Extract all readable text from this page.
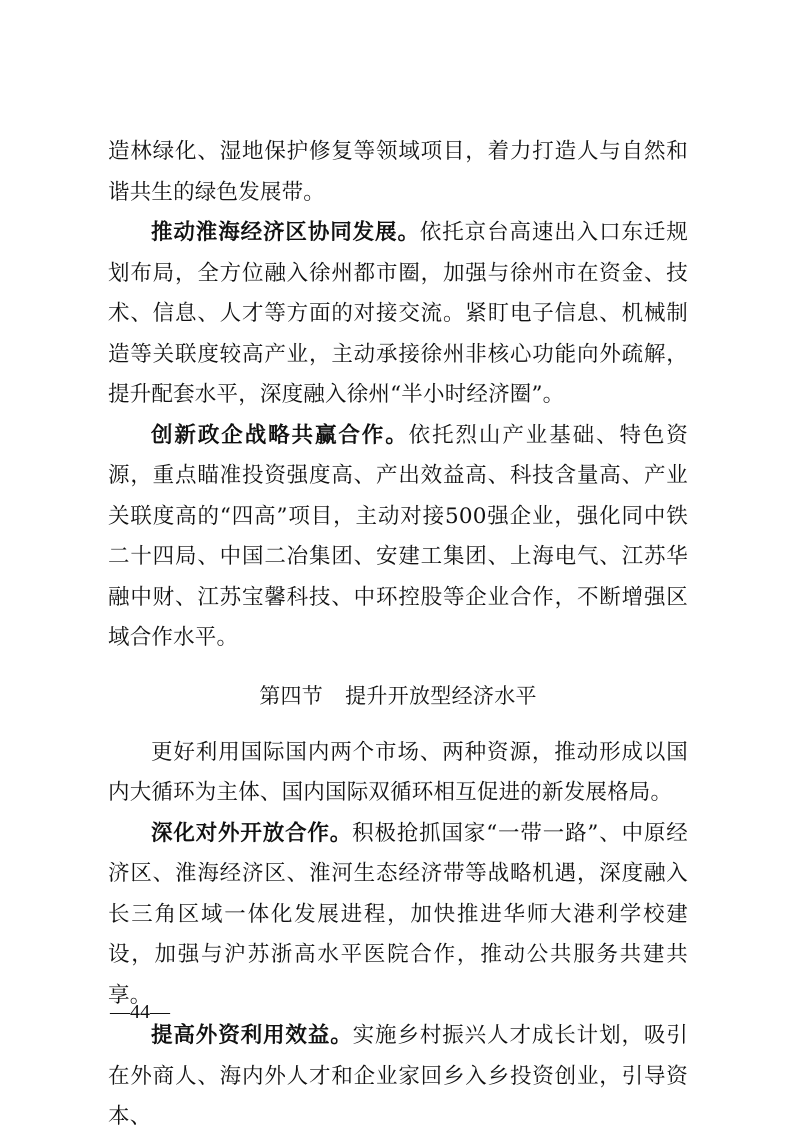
造林绿化、湿地保护修复等领域项目，着力打造人与自然和谐共生的绿色发展带。

推动淮海经济区协同发展。依托京台高速出入口东迁规划布局，全方位融入徐州都市圈，加强与徐州市在资金、技术、信息、人才等方面的对接交流。紧盯电子信息、机械制造等关联度较高产业，主动承接徐州非核心功能向外疏解，提升配套水平，深度融入徐州“半小时经济圈”。

创新政企战略共赢合作。依托烈山产业基础、特色资源，重点瞄准投资强度高、产出效益高、科技含量高、产业关联度高的“四高”项目，主动对接500强企业，强化同中铁二十四局、中国二冶集团、安建工集团、上海电气、江苏华融中财、江苏宝馨科技、中环控股等企业合作，不断增强区域合作水平。

第四节 提升开放型经济水平

更好利用国际国内两个市场、两种资源，推动形成以国内大循环为主体、国内国际双循环相互促进的新发展格局。

深化对外开放合作。积极抢抓国家“一带一路”、中原经济区、淮海经济区、淮河生态经济带等战略机遇，深度融入长三角区域一体化发展进程，加快推进华师大港利学校建设，加强与沪苏浙高水平医院合作，推动公共服务共建共享。

提高外资利用效益。实施乡村振兴人才成长计划，吸引在外商人、海内外人才和企业家回乡入乡投资创业，引导资本、

—44—
